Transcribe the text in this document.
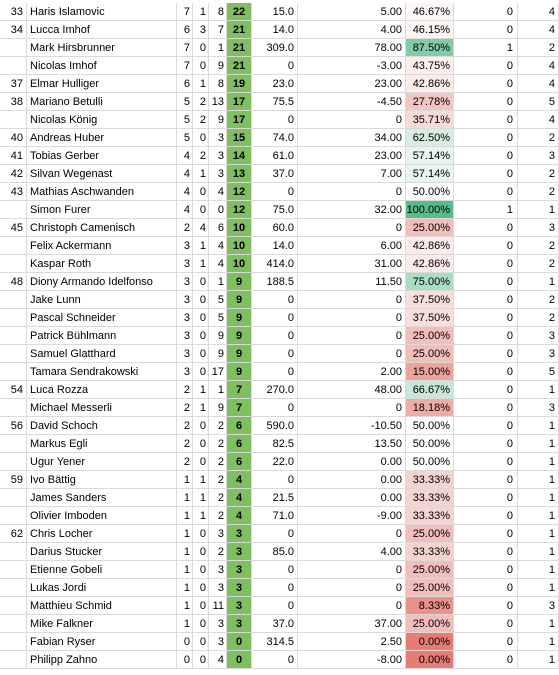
33 Haris Islamovic	7 1	8 22	15.0	5.00 46.67%	0	4
34 Lucca Imhof	6 3	7 21	14.0	4.00 46.15%	0	4
Mark Hirsbrunner	7 0	1 21	309.0	78.00 87.50%	1	2
Nicolas Imhof	7 0	9 21	0	-3.00 43.75%	0	4
37 Elmar Hulliger	6 1	8 19	23.0	23.00 42.86%	0	4
38 Mariano Betulli	5 2 13 17	75.5	-4.50 27.78%	0	5
Nicolas König	5 2	9 17	0	0 35.71%	0	4
40 Andreas Huber	5 0	3 15	74.0	34.00 62.50%	0	2
41 Tobias Gerber	4 2	3 14	61.0	23.00 57.14%	0	3
42 Silvan Wegenast	4 1	3 13	37.0	7.00 57.14%	0	2
43 Mathias Aschwanden	4 0	4 12	0	0 50.00%	0	2
Simon Furer	4 0	0 12	75.0	32.00 100.00%	1	1
45 Christoph Camenisch	2 4	6 10	60.0	0 25.00%	0	3
Felix Ackermann	3 1	4 10	14.0	6.00 42.86%	0	2
Kaspar Roth	3 1	4 10	414.0	31.00 42.86%	0	2
48 Diony Armando Idelfonso	3 0	1	9	188.5	11.50 75.00%	0	1
Jake Lunn	3 0	5	9	0	0 37.50%	0	2
Pascal Schneider	3 0	5	9	0	0 37.50%	0	2
Patrick Bühlmann	3 0	9	9	0	0 25.00%	0	3
Samuel Glatthard	3 0	9	9	0	0 25.00%	0	3
Tamara Sendrakowski	3 0 17	9	0	2.00 15.00%	0	5
54 Luca Rozza	2 1	1	7	270.0	48.00 66.67%	0	1
Michael Messerli	2 1	9	7	0	0 18.18%	0	3
56 David Schoch	2 0	2	6	590.0	-10.50 50.00%	0	1
Markus Egli	2 0	2	6	82.5	13.50 50.00%	0	1
Ugur Yener	2 0	2	6	22.0	0.00 50.00%	0	1
59 Ivo Bättig	1 1	2	4	0	0.00 33.33%	0	1
James Sanders	1 1	2	4	21.5	0.00 33.33%	0	1
Olivier Imboden	1 1	2	4	71.0	-9.00 33.33%	0	1
62 Chris Locher	1 0	3	3	0	0 25.00%	0	1
Darius Stucker	1 0	2	3	85.0	4.00 33.33%	0	1
Etienne Gobeli	1 0	3	3	0	0 25.00%	0	1
Lukas Jordi	1 0	3	3	0	0 25.00%	0	1
Matthieu Schmid	1 0 11	3	0	0	8.33%	0	3
Mike Falkner	1 0	3	3	37.0	37.00 25.00%	0	1
Fabian Ryser	0 0	3	0	314.5	2.50	0.00%	0	1
Philipp Zahno	0 0	4	0	0	-8.00	0.00%	0	1
